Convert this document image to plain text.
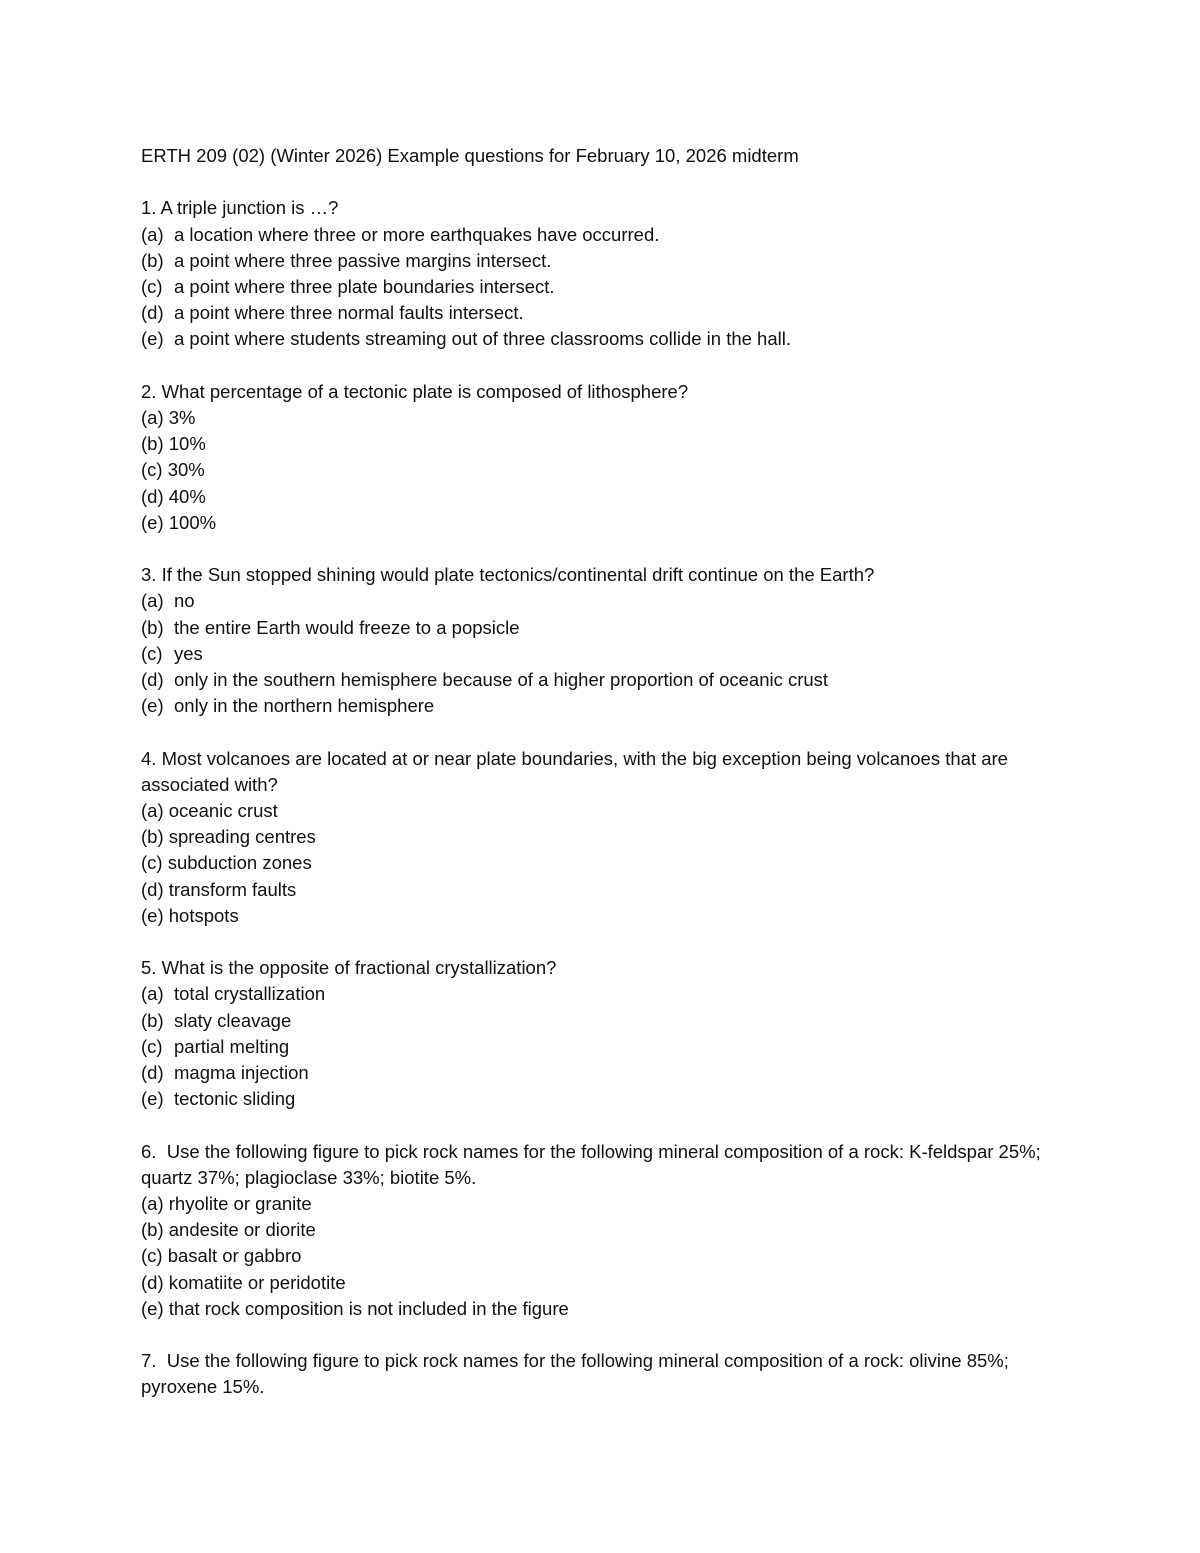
ERTH 209 (02) (Winter 2026) Example questions for February 10, 2026 midterm
1. A triple junction is …?
(a) a location where three or more earthquakes have occurred.
(b) a point where three passive margins intersect.
(c) a point where three plate boundaries intersect.
(d) a point where three normal faults intersect.
(e) a point where students streaming out of three classrooms collide in the hall.
2. What percentage of a tectonic plate is composed of lithosphere?
(a) 3%
(b) 10%
(c) 30%
(d) 40%
(e) 100%
3. If the Sun stopped shining would plate tectonics/continental drift continue on the Earth?
(a) no
(b) the entire Earth would freeze to a popsicle
(c) yes
(d) only in the southern hemisphere because of a higher proportion of oceanic crust
(e) only in the northern hemisphere
4. Most volcanoes are located at or near plate boundaries, with the big exception being volcanoes that are associated with?
(a) oceanic crust
(b) spreading centres
(c) subduction zones
(d) transform faults
(e) hotspots
5. What is the opposite of fractional crystallization?
(a) total crystallization
(b) slaty cleavage
(c) partial melting
(d) magma injection
(e) tectonic sliding
6.  Use the following figure to pick rock names for the following mineral composition of a rock: K-feldspar 25%; quartz 37%; plagioclase 33%; biotite 5%.
(a) rhyolite or granite
(b) andesite or diorite
(c) basalt or gabbro
(d) komatiite or peridotite
(e) that rock composition is not included in the figure
7.  Use the following figure to pick rock names for the following mineral composition of a rock: olivine 85%; pyroxene 15%.
